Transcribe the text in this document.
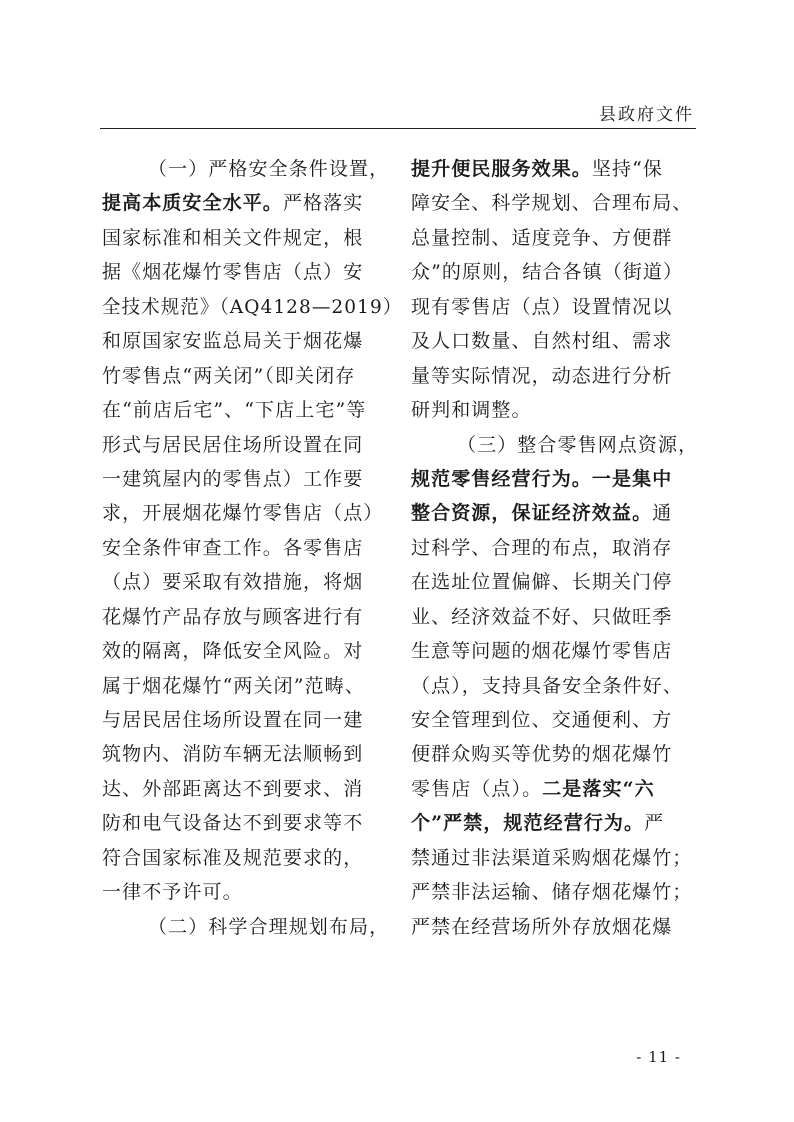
县政府文件
（一）严格安全条件设置，
提高本质安全水平。严格落实
国家标准和相关文件规定，根
据《烟花爆竹零售店（点）安
全技术规范》（AQ4128—2019）
和原国家安监总局关于烟花爆
竹零售点“两关闭”（即关闭存
在“前店后宅”、“下店上宅”等
形式与居民居住场所设置在同
一建筑屋内的零售点）工作要
求，开展烟花爆竹零售店（点）
安全条件审查工作。各零售店
（点）要采取有效措施，将烟
花爆竹产品存放与顾客进行有
效的隔离，降低安全风险。对
属于烟花爆竹“两关闭”范畴、
与居民居住场所设置在同一建
筑物内、消防车辆无法顺畅到
达、外部距离达不到要求、消
防和电气设备达不到要求等不
符合国家标准及规范要求的，
一律不予许可。
（二）科学合理规划布局，
提升便民服务效果。坚持“保
障安全、科学规划、合理布局、
总量控制、适度竞争、方便群
众”的原则，结合各镇（街道）
现有零售店（点）设置情况以
及人口数量、自然村组、需求
量等实际情况，动态进行分析
研判和调整。
（三）整合零售网点资源，
规范零售经营行为。一是集中
整合资源，保证经济效益。通
过科学、合理的布点，取消存
在选址位置偏僻、长期关门停
业、经济效益不好、只做旺季
生意等问题的烟花爆竹零售店
（点），支持具备安全条件好、
安全管理到位、交通便利、方
便群众购买等优势的烟花爆竹
零售店（点）。二是落实“六
个”严禁，规范经营行为。严
禁通过非法渠道采购烟花爆竹；
严禁非法运输、储存烟花爆竹；
严禁在经营场所外存放烟花爆
- 11 -
